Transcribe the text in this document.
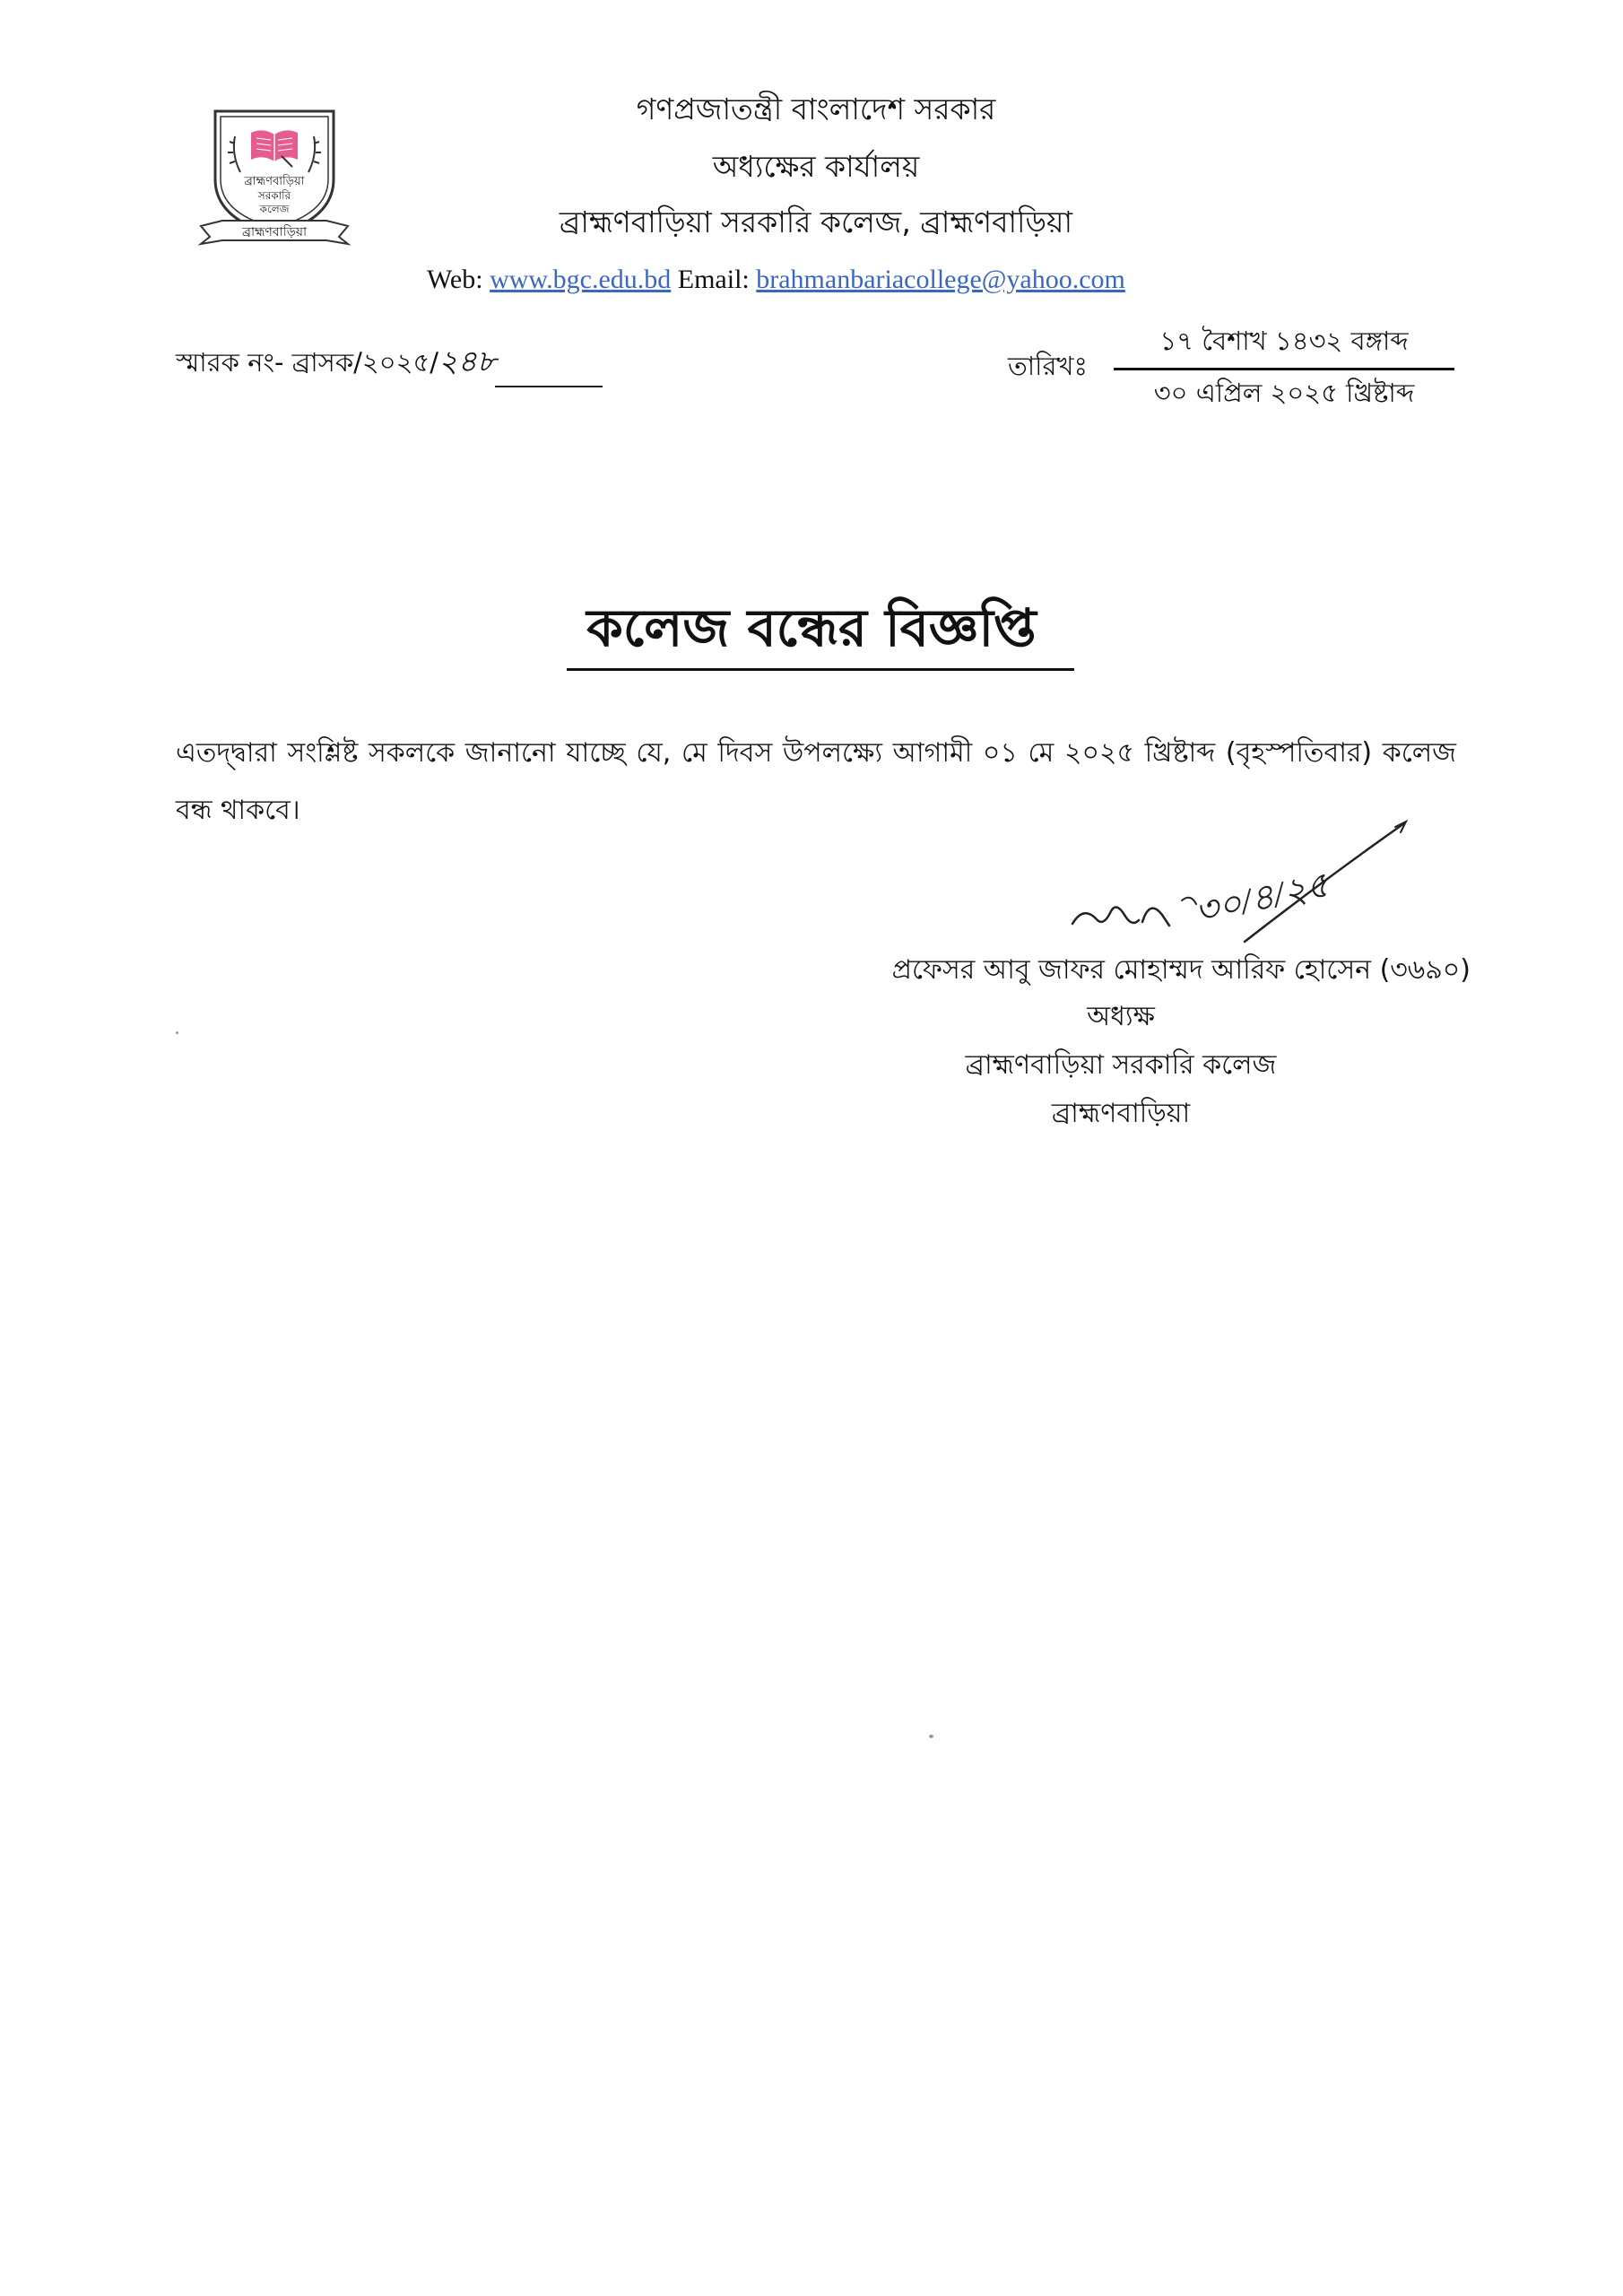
ব্রাহ্মণবাড়িয়া
সরকারি
কলেজ
ব্রাহ্মণবাড়িয়া
গণপ্রজাতন্ত্রী বাংলাদেশ সরকার
অধ্যক্ষের কার্যালয়
ব্রাহ্মণবাড়িয়া সরকারি কলেজ, ব্রাহ্মণবাড়িয়া
Web: www.bgc.edu.bd Email: brahmanbariacollege@yahoo.com
স্মারক নং- ব্রাসক/২০২৫/২৪৮	তারিখঃ
১৭ বৈশাখ ১৪৩২ বঙ্গাব্দ
৩০ এপ্রিল ২০২৫ খ্রিষ্টাব্দ
কলেজ বন্ধের বিজ্ঞপ্তি
এতদ্দ্বারা সংশ্লিষ্ট সকলকে জানানো যাচ্ছে যে, মে দিবস উপলক্ষ্যে আগামী ০১ মে ২০২৫ খ্রিষ্টাব্দ (বৃহস্পতিবার) কলেজ বন্ধ থাকবে।
৩০/৪/২৫
প্রফেসর আবু জাফর মোহাম্মদ আরিফ হোসেন (৩৬৯০)
অধ্যক্ষ
ব্রাহ্মণবাড়িয়া সরকারি কলেজ
ব্রাহ্মণবাড়িয়া
